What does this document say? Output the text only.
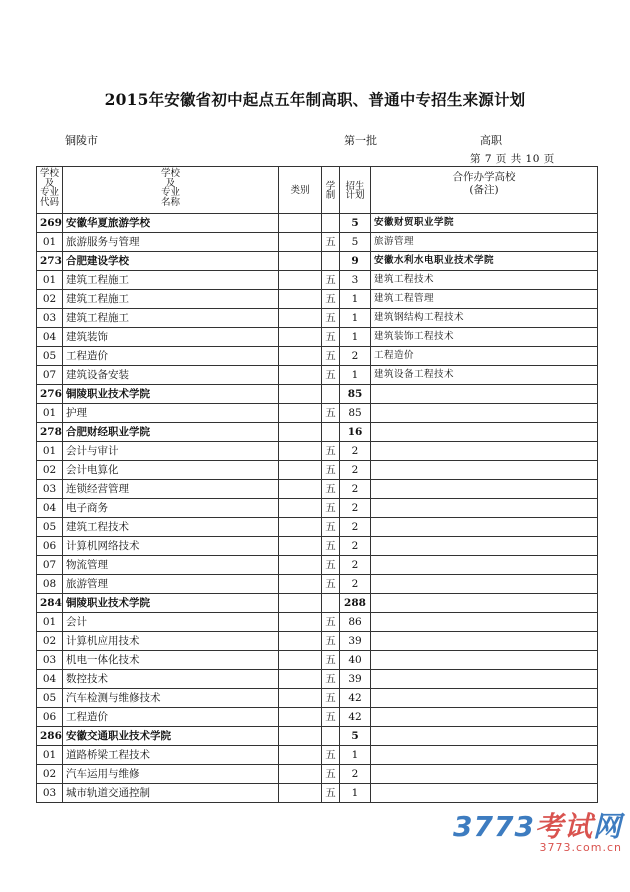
2015年安徽省初中起点五年制高职、普通中专招生来源计划
铜陵市	第一批	高职
第 7 页 共 10 页
学校
及
专业
代码	学校
及
专业
名称	类别	学制	招生计划	合作办学高校
(备注)

269	安徽华夏旅游学校			5	安徽财贸职业学院
01	旅游服务与管理		五	5	旅游管理
273	合肥建设学校			9	安徽水利水电职业技术学院
01	建筑工程施工		五	3	建筑工程技术
02	建筑工程施工		五	1	建筑工程管理
03	建筑工程施工		五	1	建筑钢结构工程技术
04	建筑装饰		五	1	建筑装饰工程技术
05	工程造价		五	2	工程造价
07	建筑设备安装		五	1	建筑设备工程技术
276	铜陵职业技术学院			85	
01	护理		五	85	
278	合肥财经职业学院			16	
01	会计与审计		五	2	
02	会计电算化		五	2	
03	连锁经营管理		五	2	
04	电子商务		五	2	
05	建筑工程技术		五	2	
06	计算机网络技术		五	2	
07	物流管理		五	2	
08	旅游管理		五	2	
284	铜陵职业技术学院			288	
01	会计		五	86	
02	计算机应用技术		五	39	
03	机电一体化技术		五	40	
04	数控技术		五	39	
05	汽车检测与维修技术		五	42	
06	工程造价		五	42	
286	安徽交通职业技术学院			5	
01	道路桥梁工程技术		五	1	
02	汽车运用与维修		五	2	
03	城市轨道交通控制		五	1	
3773考试网
3773.com.cn
